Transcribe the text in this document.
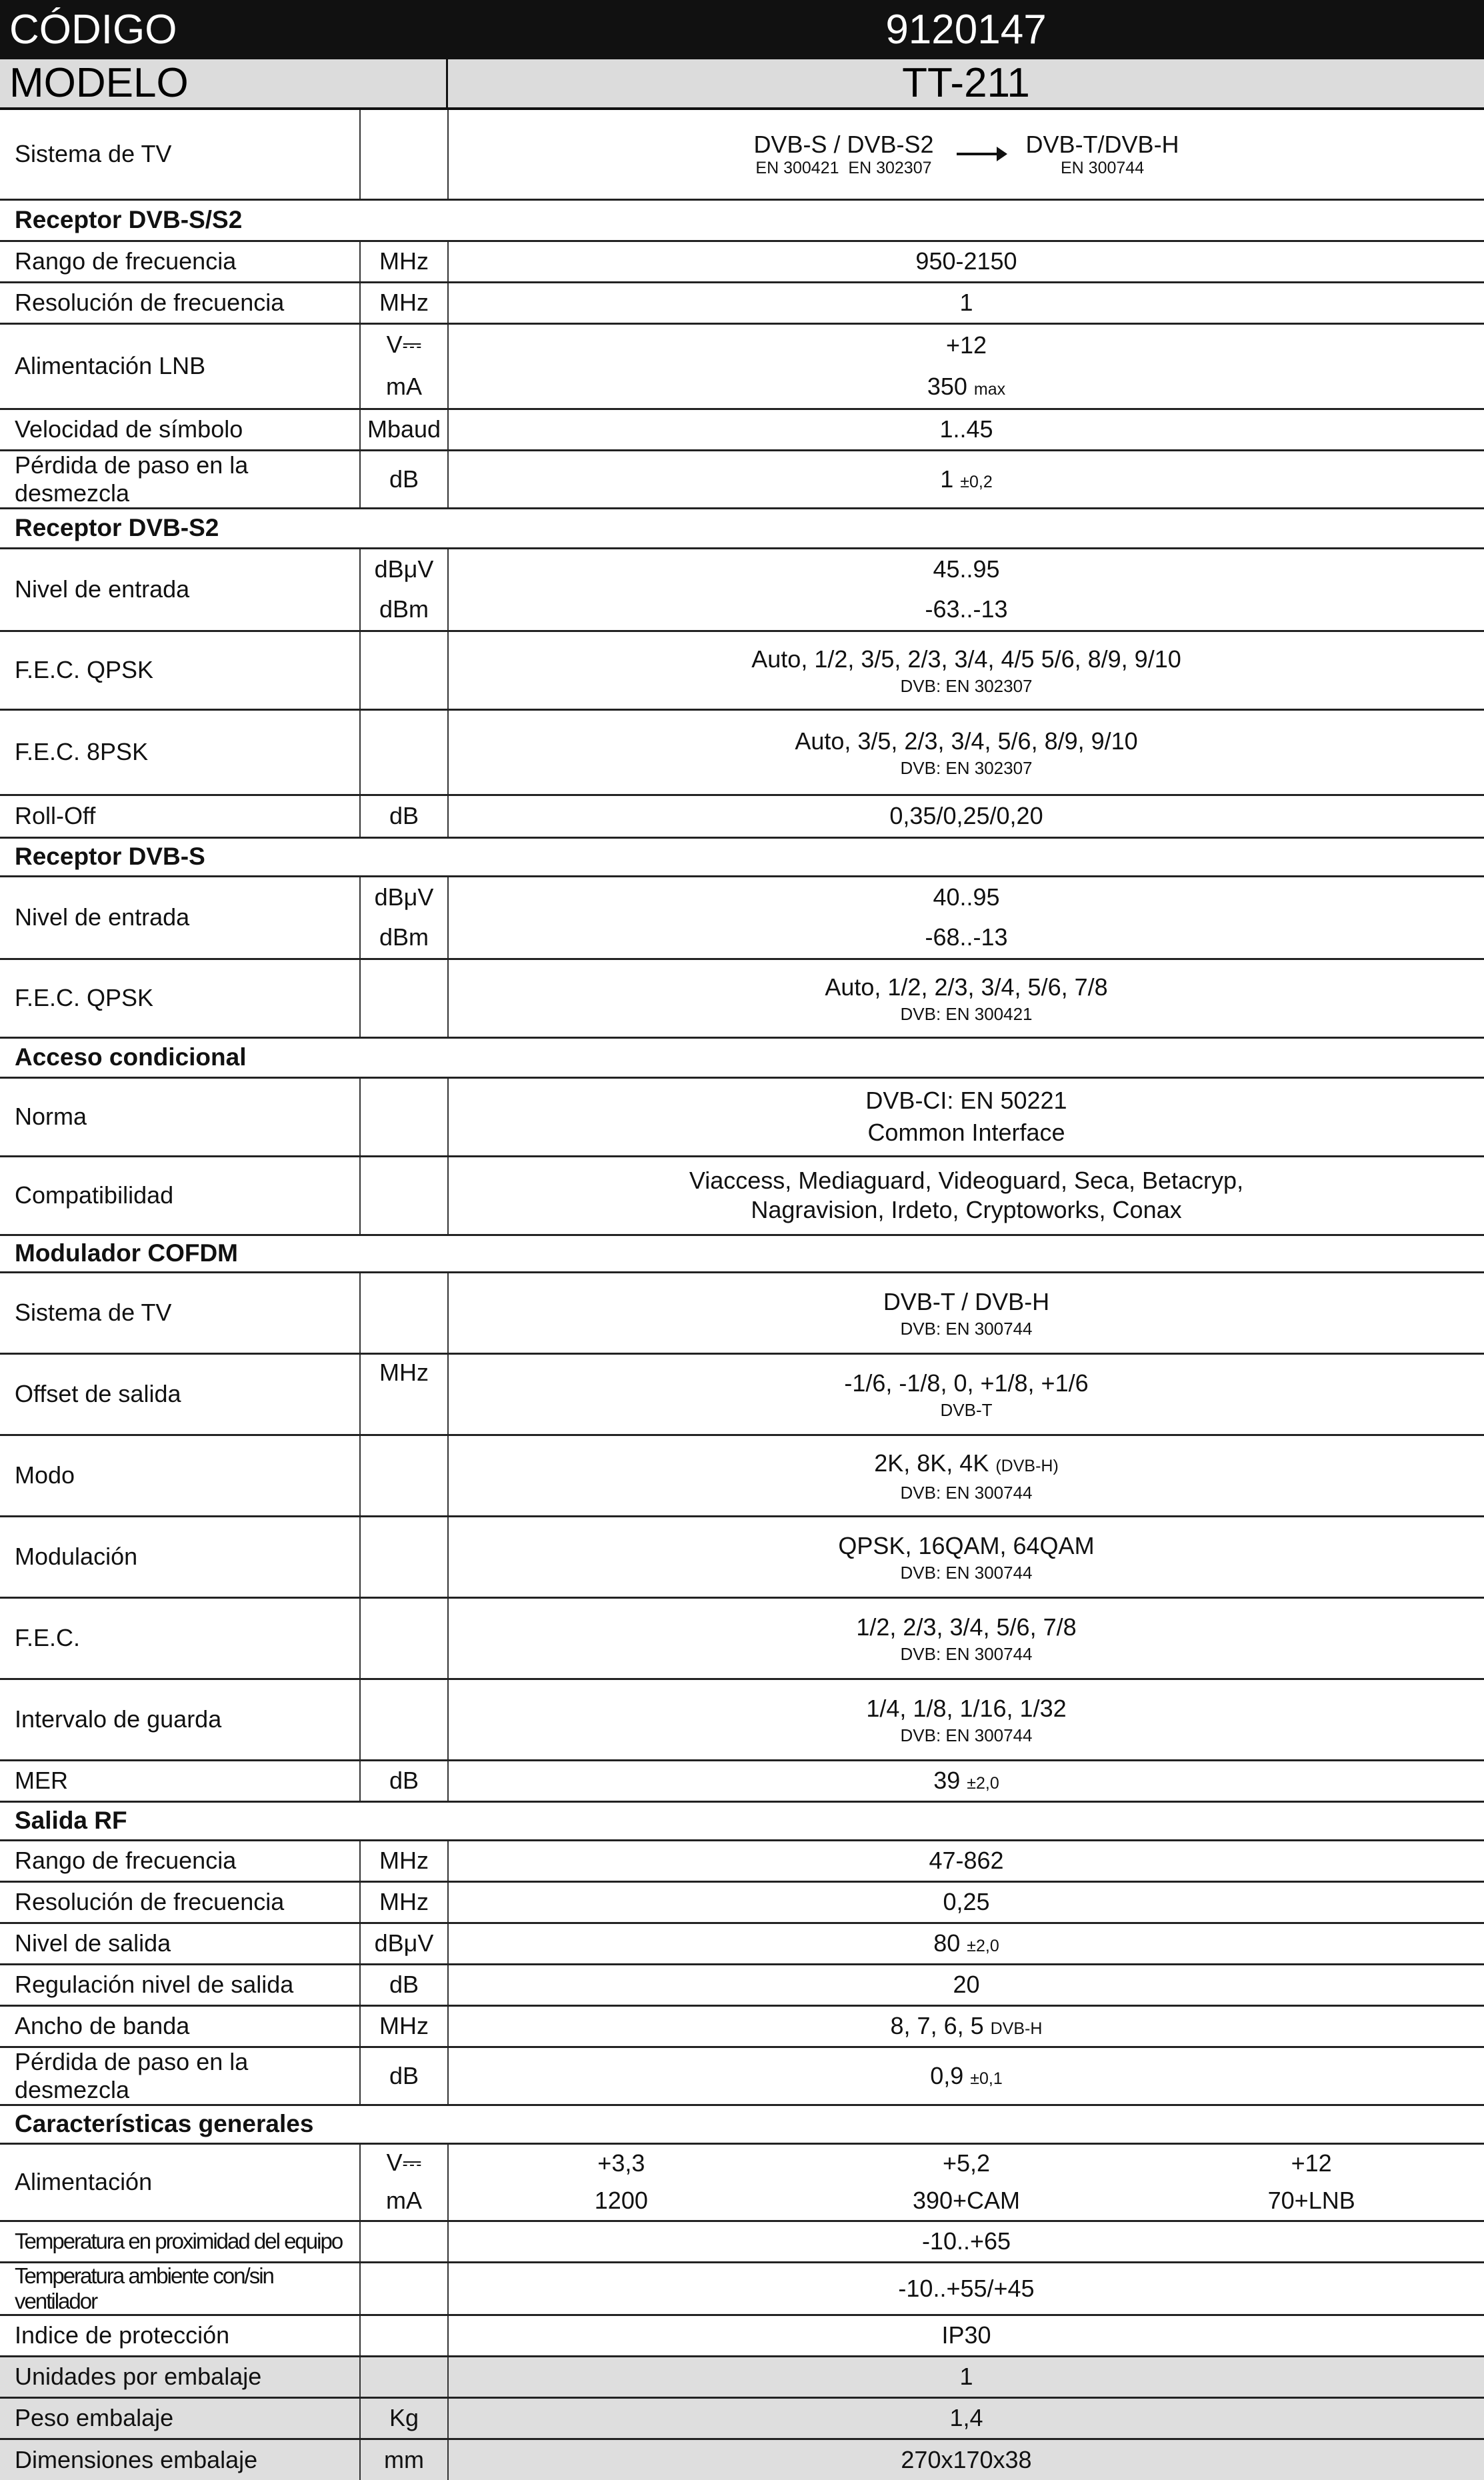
CÓDIGO	9120147
MODELO	TT-211
Sistema de TV		DVB-S / DVB-S2
EN 300421 EN 302307

DVB-T/DVB-H
EN 300744

Receptor DVB-S/S2		
Rango de frecuencia	MHz	950-2150
Resolución de frecuencia	MHz	1
Alimentación LNB	V⎓	+12
	mA	350 max
Velocidad de símbolo	Mbaud	1..45
Pérdida de paso en la desmezcla	dB	1 ±0,2
Receptor DVB-S2		
Nivel de entrada	dBμV	45..95
	dBm	-63..-13
F.E.C. QPSK		Auto, 1/2, 3/5, 2/3, 3/4, 4/5 5/6, 8/9, 9/10
DVB: EN 302307

F.E.C. 8PSK		Auto, 3/5, 2/3, 3/4, 5/6, 8/9, 9/10
DVB: EN 302307

Roll-Off	dB	0,35/0,25/0,20
Receptor DVB-S		
Nivel de entrada	dBμV	40..95
	dBm	-68..-13
F.E.C. QPSK		Auto, 1/2, 2/3, 3/4, 5/6, 7/8
DVB: EN 300421

Acceso condicional		
Norma		DVB-CI: EN 50221
Common Interface

Compatibilidad		Viaccess, Mediaguard, Videoguard, Seca, Betacryp,
Nagravision, Irdeto, Cryptoworks, Conax

Modulador COFDM		
Sistema de TV		DVB-T / DVB-H
DVB: EN 300744

Offset de salida	MHz	-1/6, -1/8, 0, +1/8, +1/6
DVB-T

Modo		2K, 8K, 4K (DVB-H)
DVB: EN 300744

Modulación		QPSK, 16QAM, 64QAM
DVB: EN 300744

F.E.C.		1/2, 2/3, 3/4, 5/6, 7/8
DVB: EN 300744

Intervalo de guarda		1/4, 1/8, 1/16, 1/32
DVB: EN 300744

MER	dB	39 ±2,0
Salida RF		
Rango de frecuencia	MHz	47-862
Resolución de frecuencia	MHz	0,25
Nivel de salida	dBμV	80 ±2,0
Regulación nivel de salida	dB	20
Ancho de banda	MHz	8, 7, 6, 5 DVB-H
Pérdida de paso en la desmezcla	dB	0,9 ±0,1
Características generales		
Alimentación	V⎓	+3,3 +5,2 +12

	mA	1200 390+CAM 70+LNB

Temperatura en proximidad del equipo		-10..+65
Temperatura ambiente con/sin ventilador		-10..+55/+45
Indice de protección		IP30
Unidades por embalaje		1
Peso embalaje	Kg	1,4
Dimensiones embalaje	mm	270x170x38
